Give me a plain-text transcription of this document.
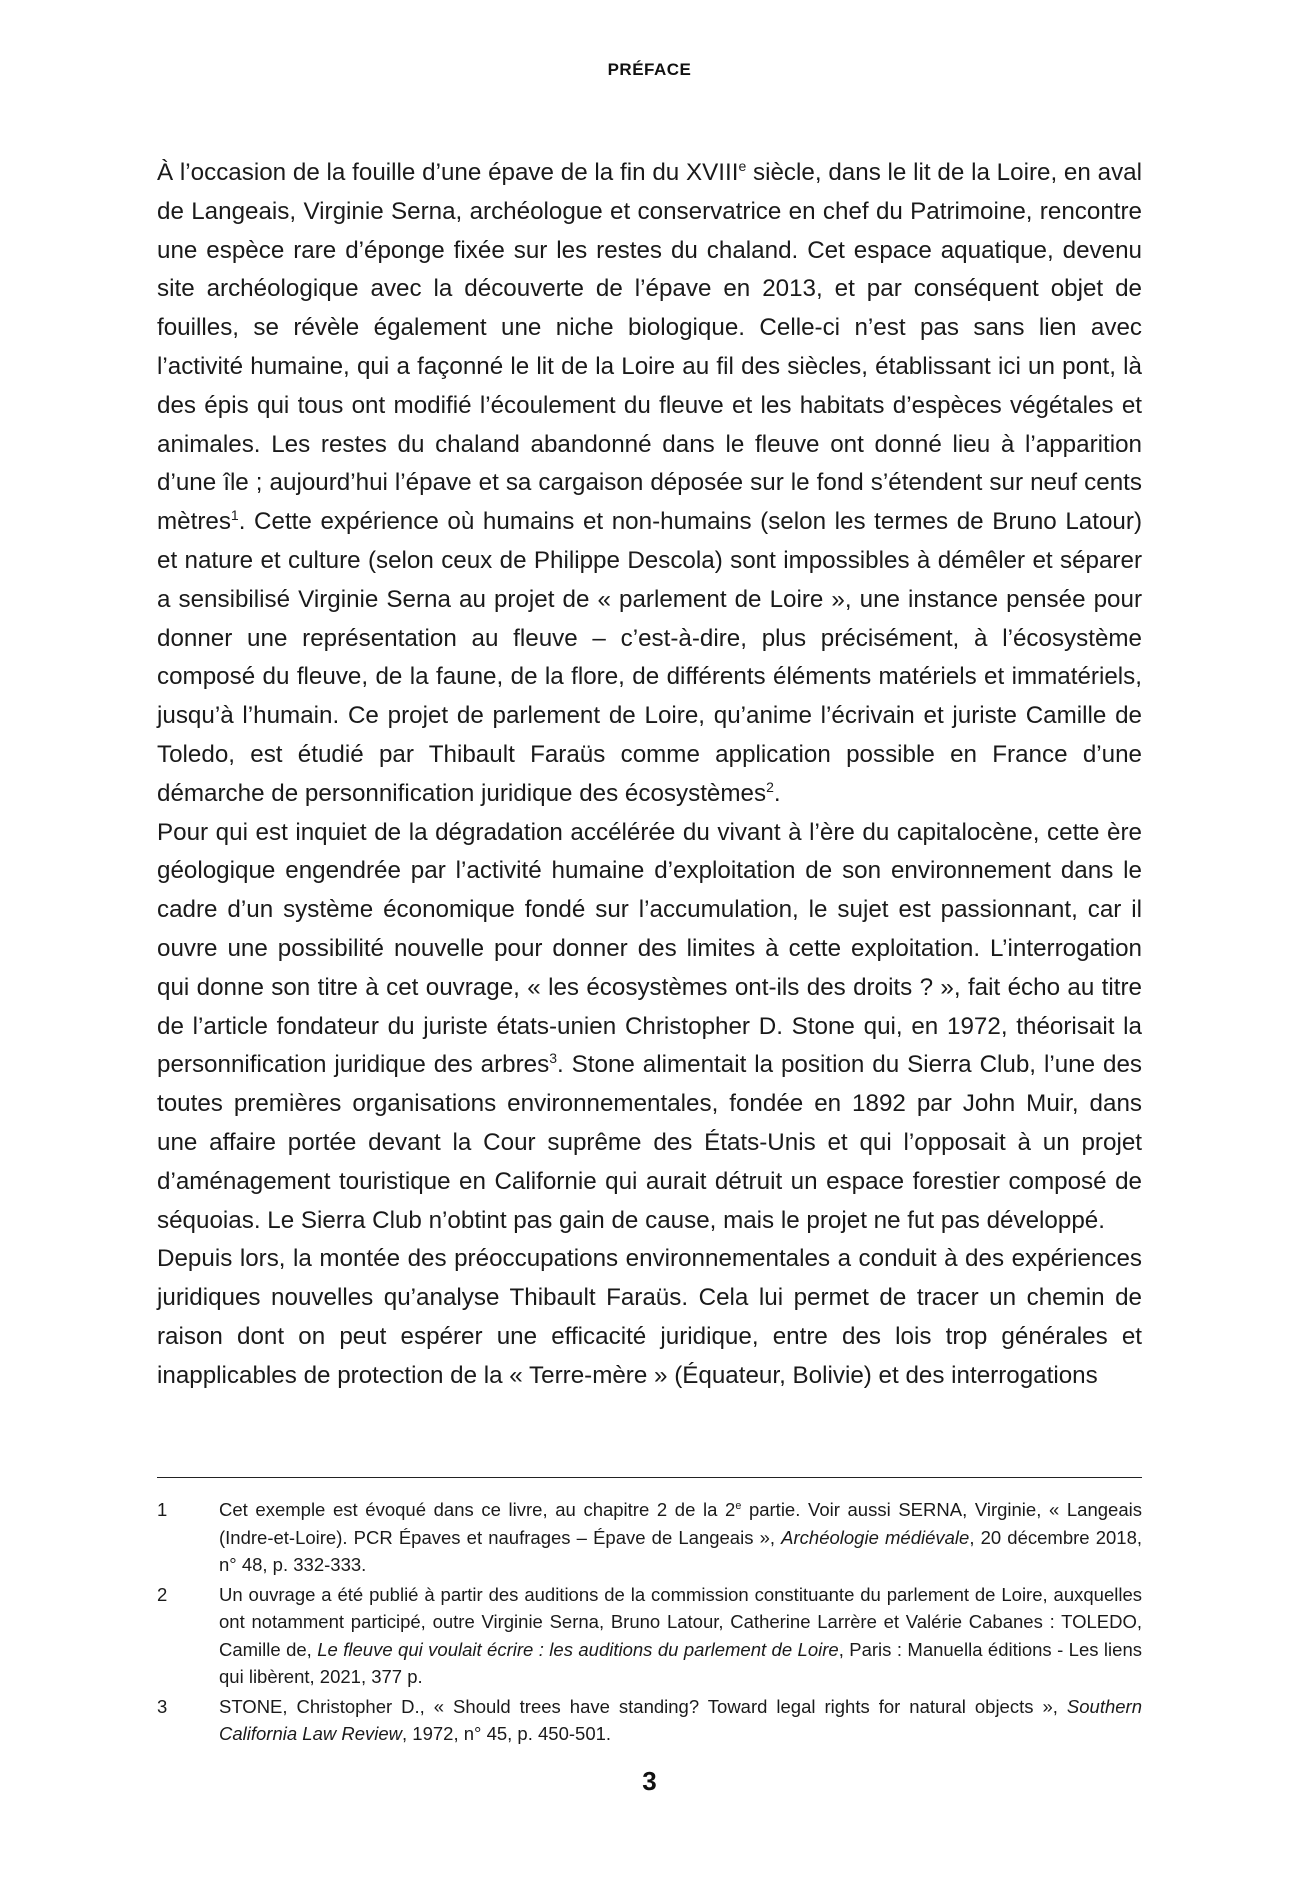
PRÉFACE

À l’occasion de la fouille d’une épave de la fin du XVIIIe siècle, dans le lit de la Loire, en aval de Langeais, Virginie Serna, archéologue et conservatrice en chef du Patrimoine, rencontre une espèce rare d’éponge fixée sur les restes du chaland. Cet espace aquatique, devenu site archéologique avec la découverte de l’épave en 2013, et par conséquent objet de fouilles, se révèle également une niche biologique. Celle-ci n’est pas sans lien avec l’activité humaine, qui a façonné le lit de la Loire au fil des siècles, établissant ici un pont, là des épis qui tous ont modifié l’écoulement du fleuve et les habitats d’espèces végétales et animales. Les restes du chaland abandonné dans le fleuve ont donné lieu à l’apparition d’une île ; aujourd’hui l’épave et sa cargaison déposée sur le fond s’étendent sur neuf cents mètres$^1$. Cette expérience où humains et non-humains (selon les termes de Bruno Latour) et nature et culture (selon ceux de Philippe Descola) sont impossibles à démêler et séparer a sensibilisé Virginie Serna au projet de « parlement de Loire », une instance pensée pour donner une représentation au fleuve – c’est-à-dire, plus précisément, à l’écosystème composé du fleuve, de la faune, de la flore, de différents éléments matériels et immatériels, jusqu’à l’humain. Ce projet de parlement de Loire, qu’anime l’écrivain et juriste Camille de Toledo, est étudié par Thibault Faraüs comme application possible en France d’une démarche de personnification juridique des écosystèmes$^2$.

Pour qui est inquiet de la dégradation accélérée du vivant à l’ère du capitalocène, cette ère géologique engendrée par l’activité humaine d’exploitation de son environnement dans le cadre d’un système économique fondé sur l’accumulation, le sujet est passionnant, car il ouvre une possibilité nouvelle pour donner des limites à cette exploitation. L’interrogation qui donne son titre à cet ouvrage, « les écosystèmes ont-ils des droits ? », fait écho au titre de l’article fondateur du juriste états-unien Christopher D. Stone qui, en 1972, théorisait la personnification juridique des arbres$^3$. Stone alimentait la position du Sierra Club, l’une des toutes premières organisations environnementales, fondée en 1892 par John Muir, dans une affaire portée devant la Cour suprême des États-Unis et qui l’opposait à un projet d’aménagement touristique en Californie qui aurait détruit un espace forestier composé de séquoias. Le Sierra Club n’obtint pas gain de cause, mais le projet ne fut pas développé.

Depuis lors, la montée des préoccupations environnementales a conduit à des expériences juridiques nouvelles qu’analyse Thibault Faraüs. Cela lui permet de tracer un chemin de raison dont on peut espérer une efficacité juridique, entre des lois trop générales et inapplicables de protection de la « Terre-mère » (Équateur, Bolivie) et des interrogations

1	Cet exemple est évoqué dans ce livre, au chapitre 2 de la 2e partie. Voir aussi SERNA, Virginie, « Langeais (Indre-et-Loire). PCR Épaves et naufrages – Épave de Langeais », Archéologie médiévale, 20 décembre 2018, n° 48, p. 332-333.
2	Un ouvrage a été publié à partir des auditions de la commission constituante du parlement de Loire, auxquelles ont notamment participé, outre Virginie Serna, Bruno Latour, Catherine Larrère et Valérie Cabanes : TOLEDO, Camille de, Le fleuve qui voulait écrire : les auditions du parlement de Loire, Paris : Manuella éditions - Les liens qui libèrent, 2021, 377 p.
3	STONE, Christopher D., « Should trees have standing? Toward legal rights for natural objects », Southern California Law Review, 1972, n° 45, p. 450-501.
3
